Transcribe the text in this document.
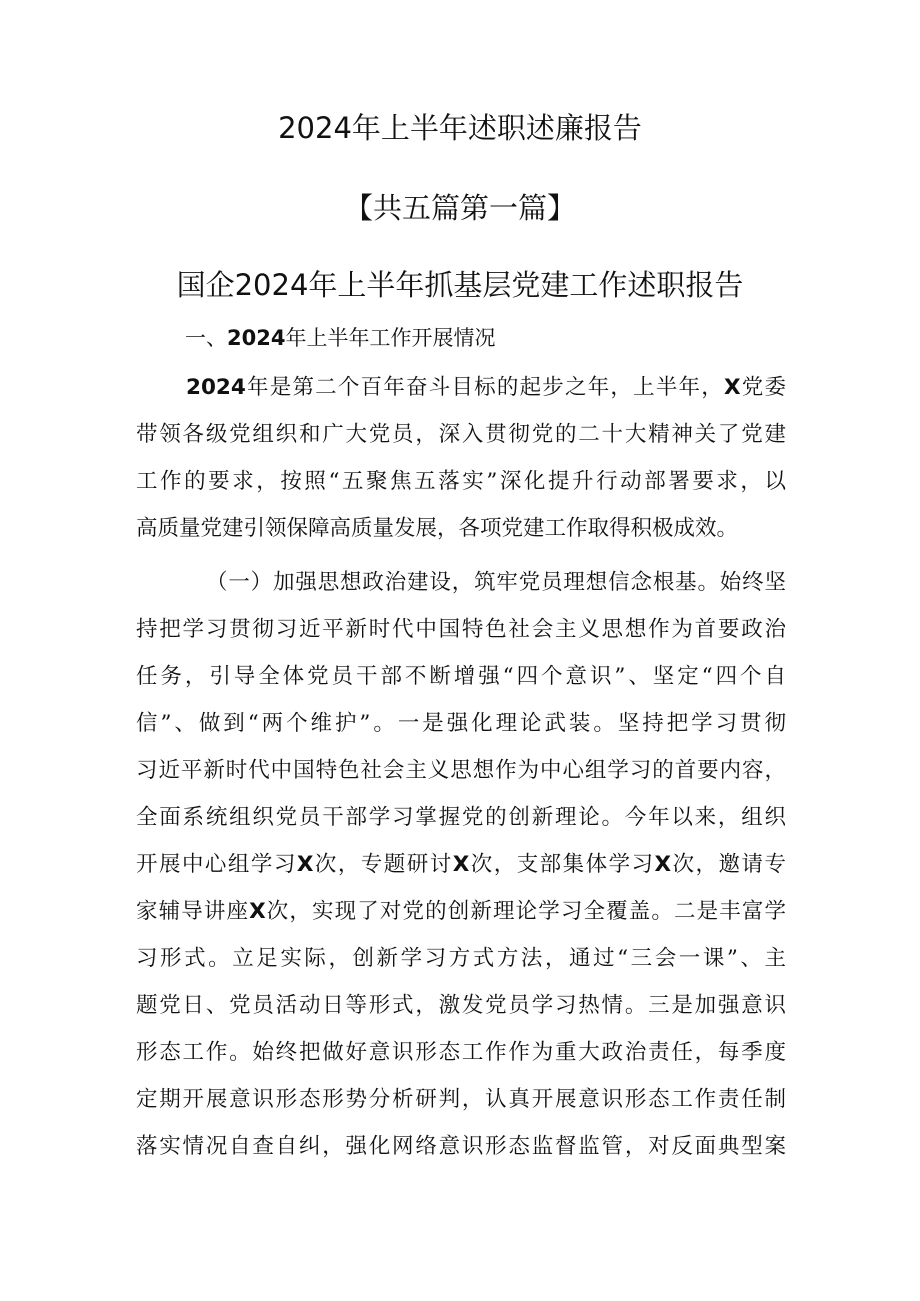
2024年上半年述职述廉报告
【共五篇第一篇】
国企2024年上半年抓基层党建工作述职报告
一、2024年上半年工作开展情况
2024年是第二个百年奋斗目标的起步之年，上半年，X党委
带领各级党组织和广大党员，深入贯彻党的二十大精神关了党建
工作的要求，按照“五聚焦五落实”深化提升行动部署要求，以
高质量党建引领保障高质量发展，各项党建工作取得积极成效。
（一）加强思想政治建设，筑牢党员理想信念根基。始终坚
持把学习贯彻习近平新时代中国特色社会主义思想作为首要政治
任务，引导全体党员干部不断增强“四个意识”、坚定“四个自
信”、做到“两个维护”。一是强化理论武装。坚持把学习贯彻
习近平新时代中国特色社会主义思想作为中心组学习的首要内容，
全面系统组织党员干部学习掌握党的创新理论。今年以来，组织
开展中心组学习X次，专题研讨X次，支部集体学习X次，邀请专
家辅导讲座X次，实现了对党的创新理论学习全覆盖。二是丰富学
习形式。立足实际，创新学习方式方法，通过“三会一课”、主
题党日、党员活动日等形式，激发党员学习热情。三是加强意识
形态工作。始终把做好意识形态工作作为重大政治责任，每季度
定期开展意识形态形势分析研判，认真开展意识形态工作责任制
落实情况自查自纠，强化网络意识形态监督监管，对反面典型案
